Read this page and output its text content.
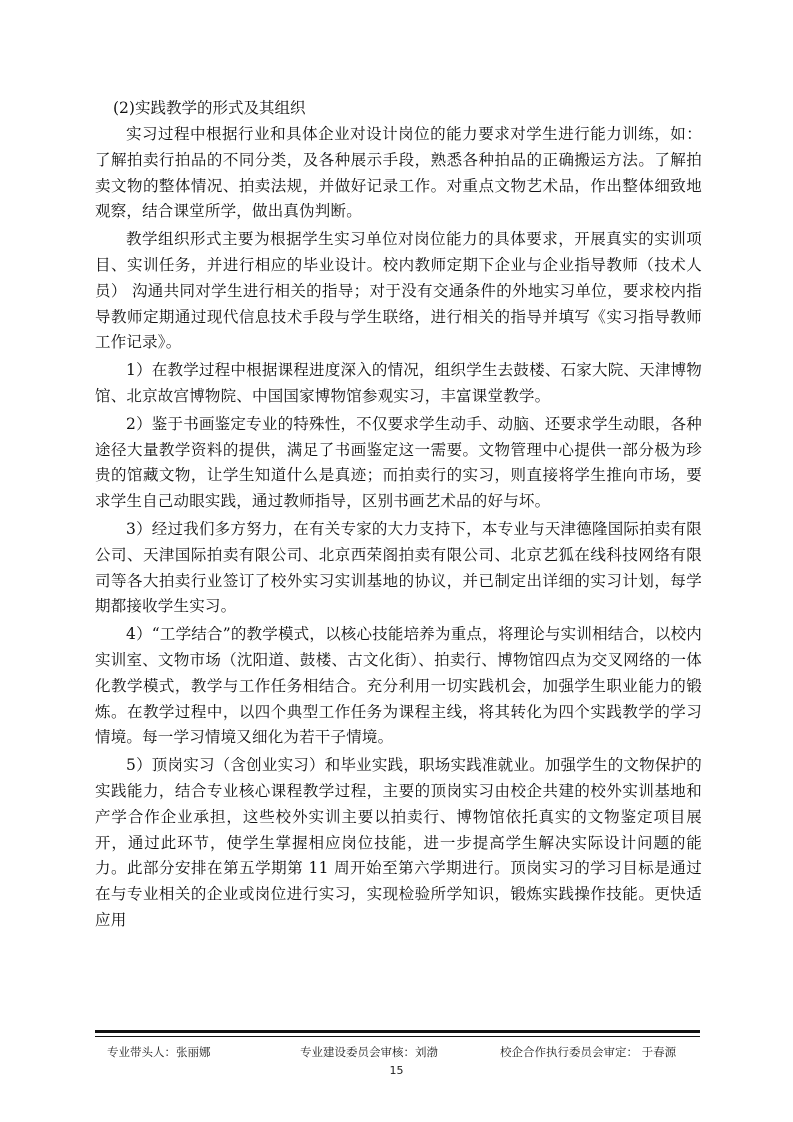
(2)实践教学的形式及其组织

实习过程中根据行业和具体企业对设计岗位的能力要求对学生进行能力训练，如：了解拍卖行拍品的不同分类，及各种展示手段，熟悉各种拍品的正确搬运方法。了解拍卖文物的整体情况、拍卖法规，并做好记录工作。对重点文物艺术品，作出整体细致地观察，结合课堂所学，做出真伪判断。

教学组织形式主要为根据学生实习单位对岗位能力的具体要求，开展真实的实训项目、实训任务，并进行相应的毕业设计。校内教师定期下企业与企业指导教师（技术人员） 沟通共同对学生进行相关的指导；对于没有交通条件的外地实习单位，要求校内指导教师定期通过现代信息技术手段与学生联络，进行相关的指导并填写《实习指导教师工作记录》。

1）在教学过程中根据课程进度深入的情况，组织学生去鼓楼、石家大院、天津博物馆、北京故宫博物院、中国国家博物馆参观实习，丰富课堂教学。

2）鉴于书画鉴定专业的特殊性，不仅要求学生动手、动脑、还要求学生动眼，各种途径大量教学资料的提供，满足了书画鉴定这一需要。文物管理中心提供一部分极为珍贵的馆藏文物，让学生知道什么是真迹；而拍卖行的实习，则直接将学生推向市场，要求学生自己动眼实践，通过教师指导，区别书画艺术品的好与坏。

3）经过我们多方努力，在有关专家的大力支持下，本专业与天津德隆国际拍卖有限公司、天津国际拍卖有限公司、北京西荣阁拍卖有限公司、北京艺狐在线科技网络有限司等各大拍卖行业签订了校外实习实训基地的协议，并已制定出详细的实习计划，每学期都接收学生实习。

4）“工学结合”的教学模式，以核心技能培养为重点，将理论与实训相结合，以校内实训室、文物市场（沈阳道、鼓楼、古文化街）、拍卖行、博物馆四点为交叉网络的一体化教学模式，教学与工作任务相结合。充分利用一切实践机会，加强学生职业能力的锻炼。在教学过程中，以四个典型工作任务为课程主线，将其转化为四个实践教学的学习情境。每一学习情境又细化为若干子情境。

5）顶岗实习（含创业实习）和毕业实践，职场实践准就业。加强学生的文物保护的实践能力，结合专业核心课程教学过程，主要的顶岗实习由校企共建的校外实训基地和产学合作企业承担，这些校外实训主要以拍卖行、博物馆依托真实的文物鉴定项目展开，通过此环节，使学生掌握相应岗位技能，进一步提高学生解决实际设计问题的能力。此部分安排在第五学期第 11 周开始至第六学期进行。顶岗实习的学习目标是通过在与专业相关的企业或岗位进行实习，实现检验所学知识，锻炼实践操作技能。更快适应用

专业带头人：张丽娜	专业建设委员会审核：刘渤	校企合作执行委员会审定： 于春源
15
